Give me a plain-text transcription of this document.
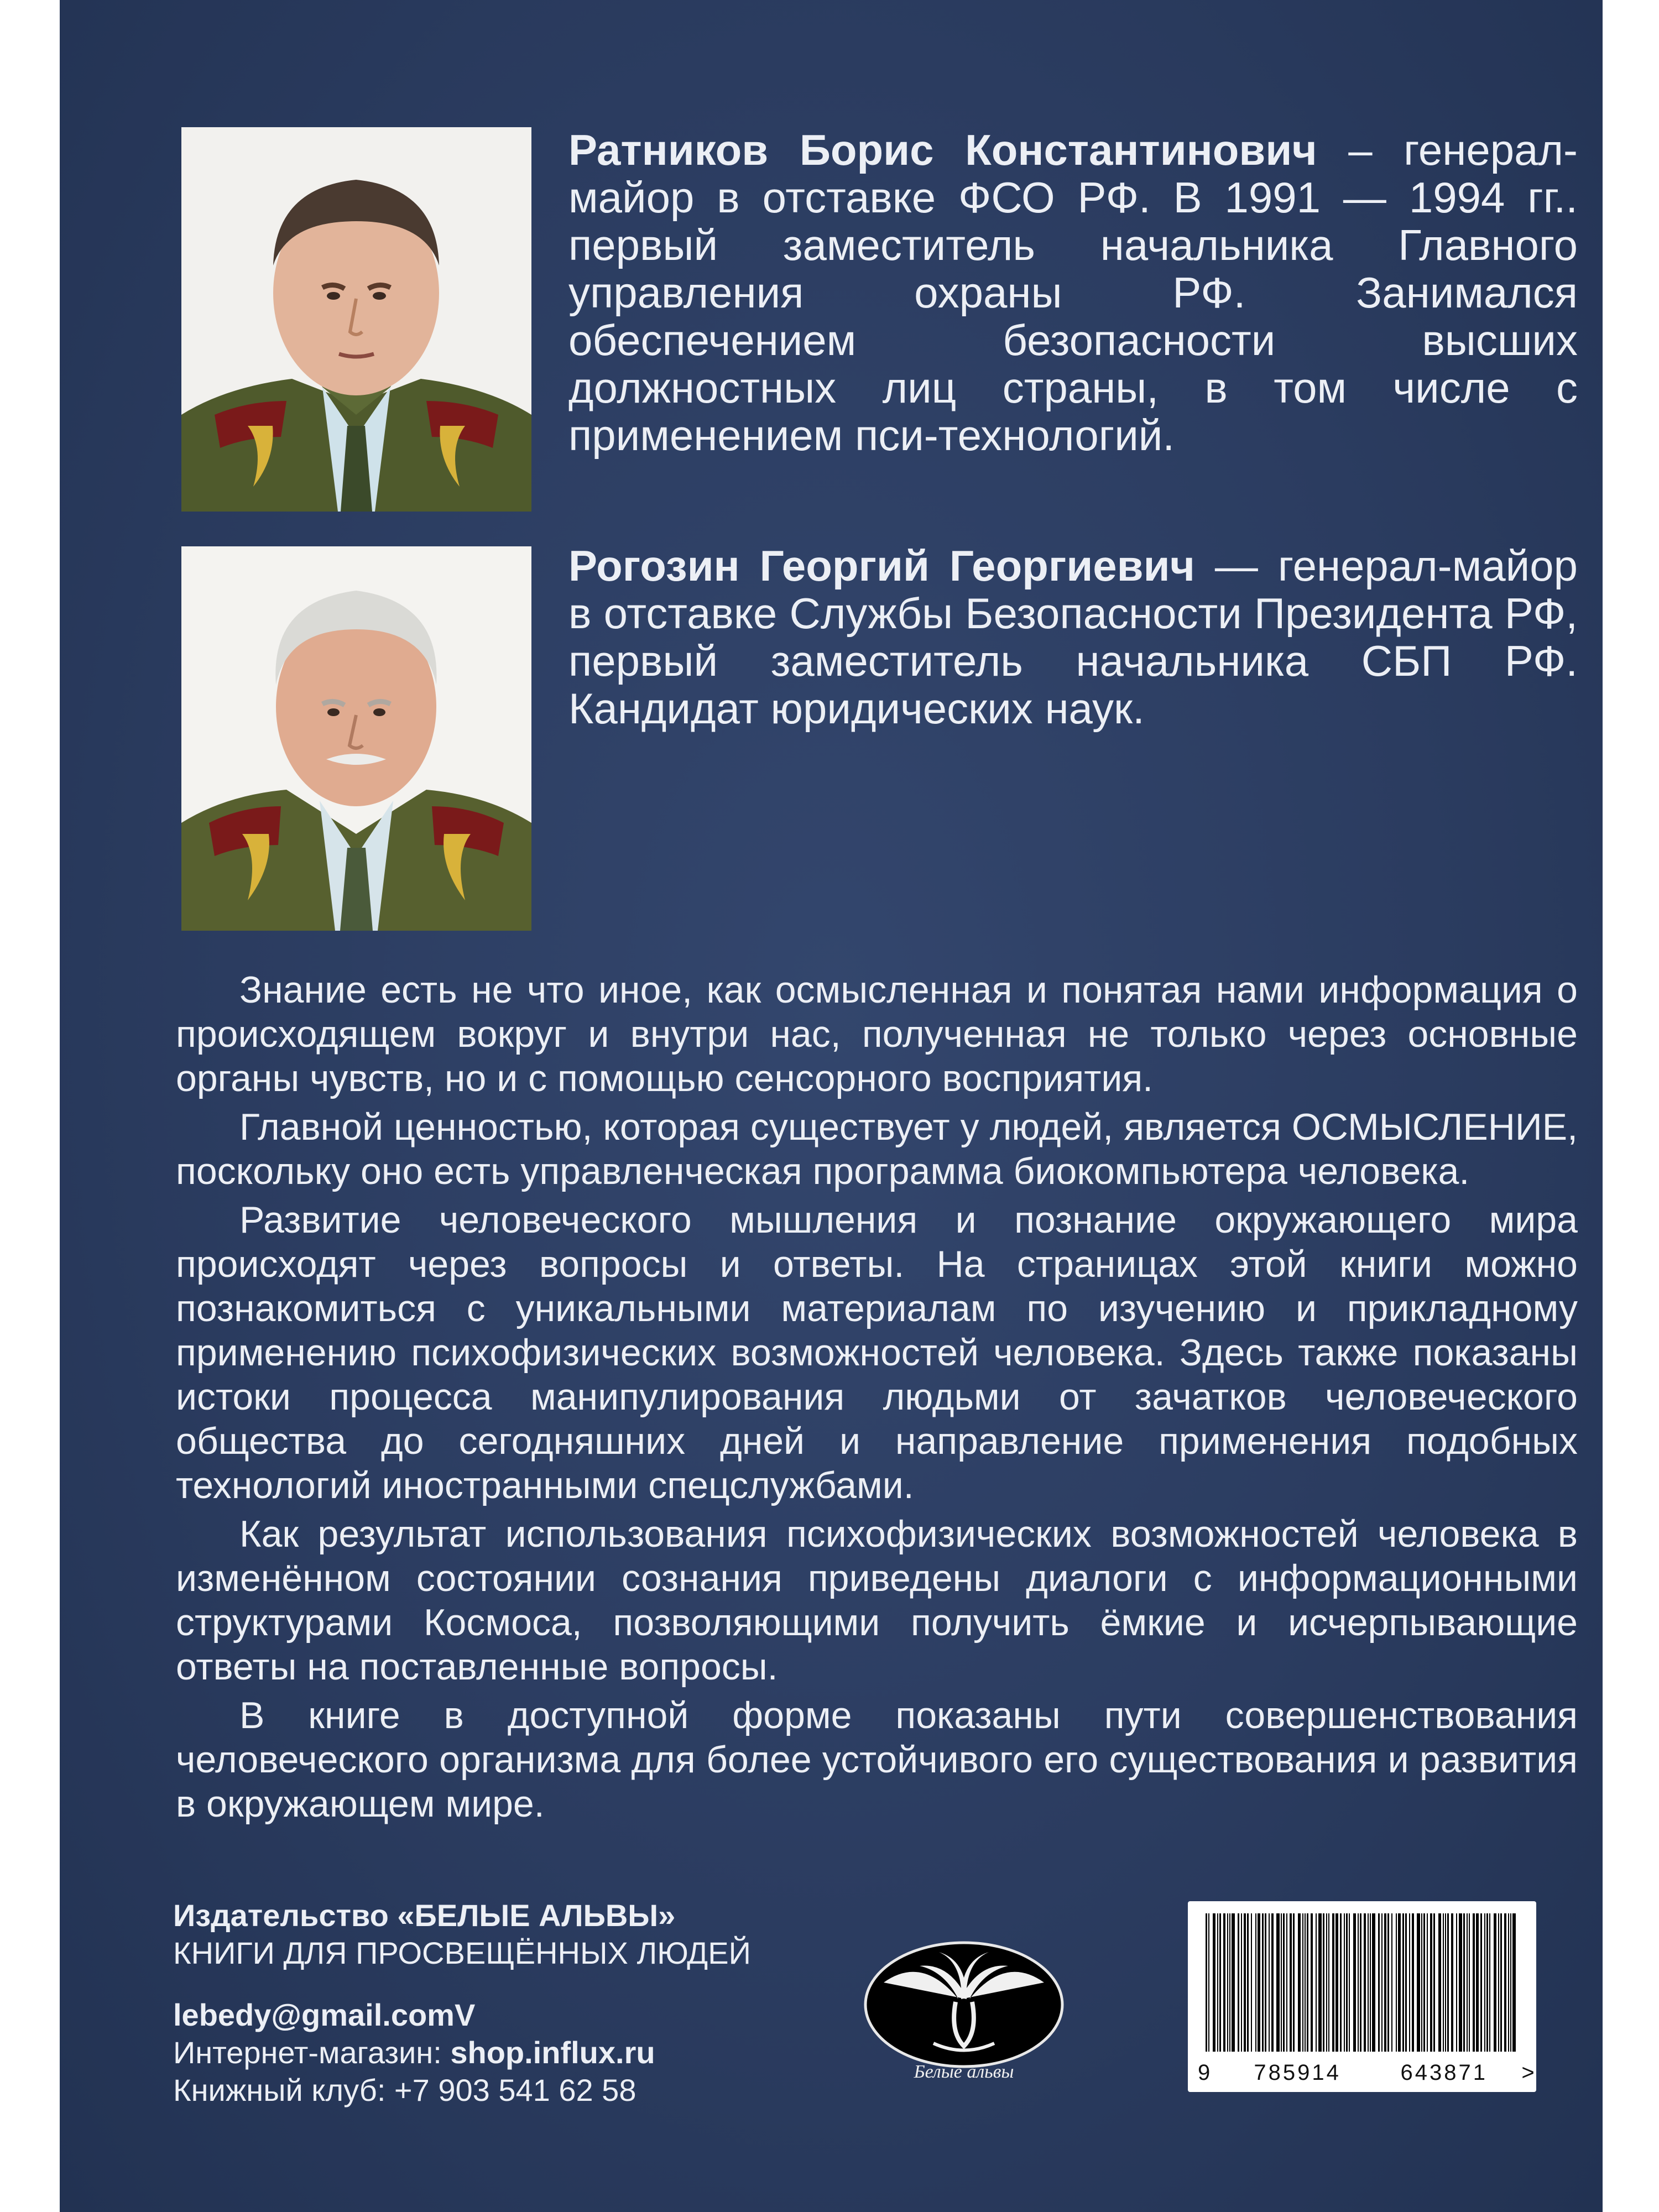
Ратников Борис Константинович – генерал-майор в отставке ФСО РФ. В 1991 — 1994 гг.. первый заместитель начальника Главного управления охраны РФ. Занимался обеспечением безопасности высших должностных лиц страны, в том числе с применением пси-технологий.
Рогозин Георгий Георгиевич — генерал-майор в отставке Службы Безопасности Президента РФ, первый заместитель начальника СБП РФ. Кандидат юридических наук.

Знание есть не что иное, как осмысленная и понятая нами информация о происходящем вокруг и внутри нас, полученная не только через основные органы чувств, но и с помощью сенсорного восприятия.

Главной ценностью, которая существует у людей, является ОСМЫСЛЕНИЕ, поскольку оно есть управленческая программа биокомпьютера человека.

Развитие человеческого мышления и познание окружающего мира происходят через вопросы и ответы. На страницах этой книги можно познакомиться с уникальными материалам по изучению и прикладному применению психофизических возможностей человека. Здесь также показаны истоки процесса манипулирования людьми от зачатков человеческого общества до сегодняшних дней и направление применения подобных технологий иностранными спецслужбами.

Как результат использования психофизических возможностей человека в изменённом состоянии сознания приведены диалоги с информационными структурами Космоса, позволяющими получить ёмкие и исчерпывающие ответы на поставленные вопросы.

В книге в доступной форме показаны пути совершенствования человеческого организма для более устойчивого его существования и развития в окружающем мире.

Издательство «БЕЛЫЕ АЛЬВЫ»
КНИГИ ДЛЯ ПРОСВЕЩЁННЫХ ЛЮДЕЙ
lebedy@gmail.comV
Интернет-магазин: shop.influx.ru
Книжный клуб: +7 903 541 62 58
Белые альвы	9 785914	643871 >
